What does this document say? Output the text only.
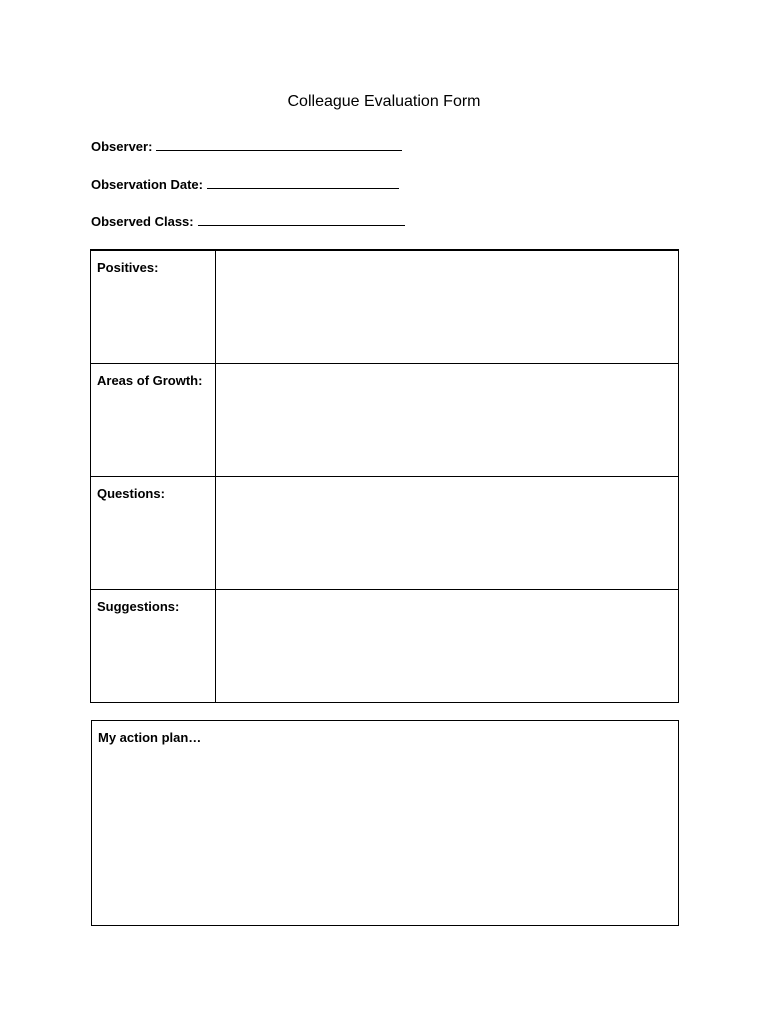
Colleague Evaluation Form
Observer:
Observation Date:
Observed Class:
Positives:	

Areas of Growth:	

Questions:	

Suggestions:	

My action plan…
